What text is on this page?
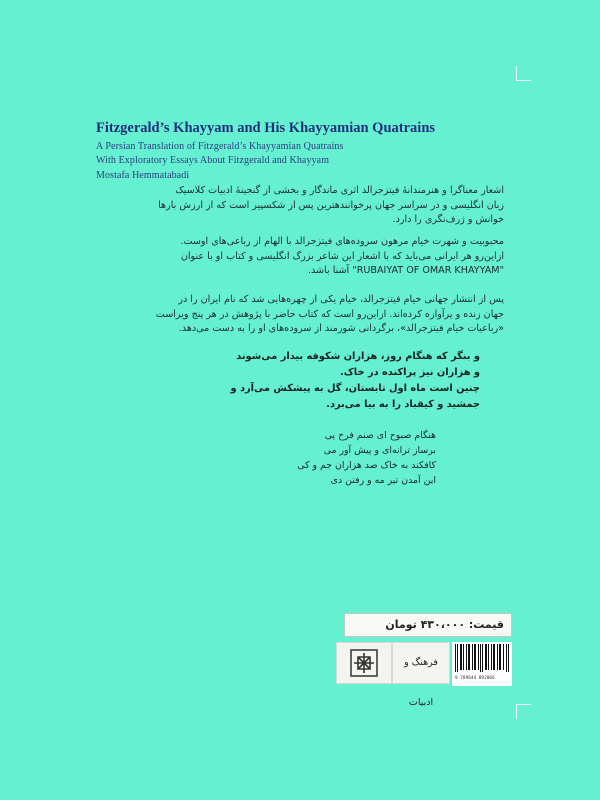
Fitzgerald’s Khayyam and His Khayyamian Quatrains
A Persian Translation of Fitzgerald’s Khayyamian Quatrains
With Exploratory Essays About Fitzgerald and Khayyam
Mostafa Hemmatabadi
اشعار معناگرا و هنرمندانهٔ فیتزجرالد اثری ماندگار و بخشی از گنجینهٔ ادبیات کلاسیک
زبان انگلیسی و در سراسر جهان پرخوانندهترین پس از شکسپیر است که از ارزش بارها
خوانش و ژرف‌نگری را دارد.
محبوبیت و شهرت خیام مرهون سروده‌های فیتزجرالد با الهام از رباعی‌های اوست.
ازاین‌رو هر ایرانی می‌باید که با اشعار این شاعر بزرگ انگلیسی و کتاب او با عنوان
"RUBAIYAT OF OMAR KHAYYAM" آشنا باشد.
پس از انتشار جهانی خیام فیتزجرالد، خیام یکی از چهره‌هایی شد که نام ایران را در
جهان زنده و پرآوازه کرده‌اند. ازاین‌رو است که کتاب حاضر با پژوهش در هر پنج ویراست
«رباعیات خیام فیتزجرالد»، برگردانی شورمند از سروده‌های او را به دست می‌دهد.
و بنگر که هنگام روز، هزاران شکوفه بیدار می‌شوند
و هزاران نیز پراکنده در خاک.
چنین است ماه اول تابستان، گل به پیشکش می‌آرد و
جمشید و کیقباد را به بیا می‌برد.
هنگام صبوح ای صنم فرخ پی
برساز ترانه‌ای و پیش آور می
کافکند به خاک صد هزاران جم و کی
این آمدن تیر مه و رفتن دی
قیمت: ۴۳۰،۰۰۰ تومان
فرهنگ و ادبیات
9 789644 892066
